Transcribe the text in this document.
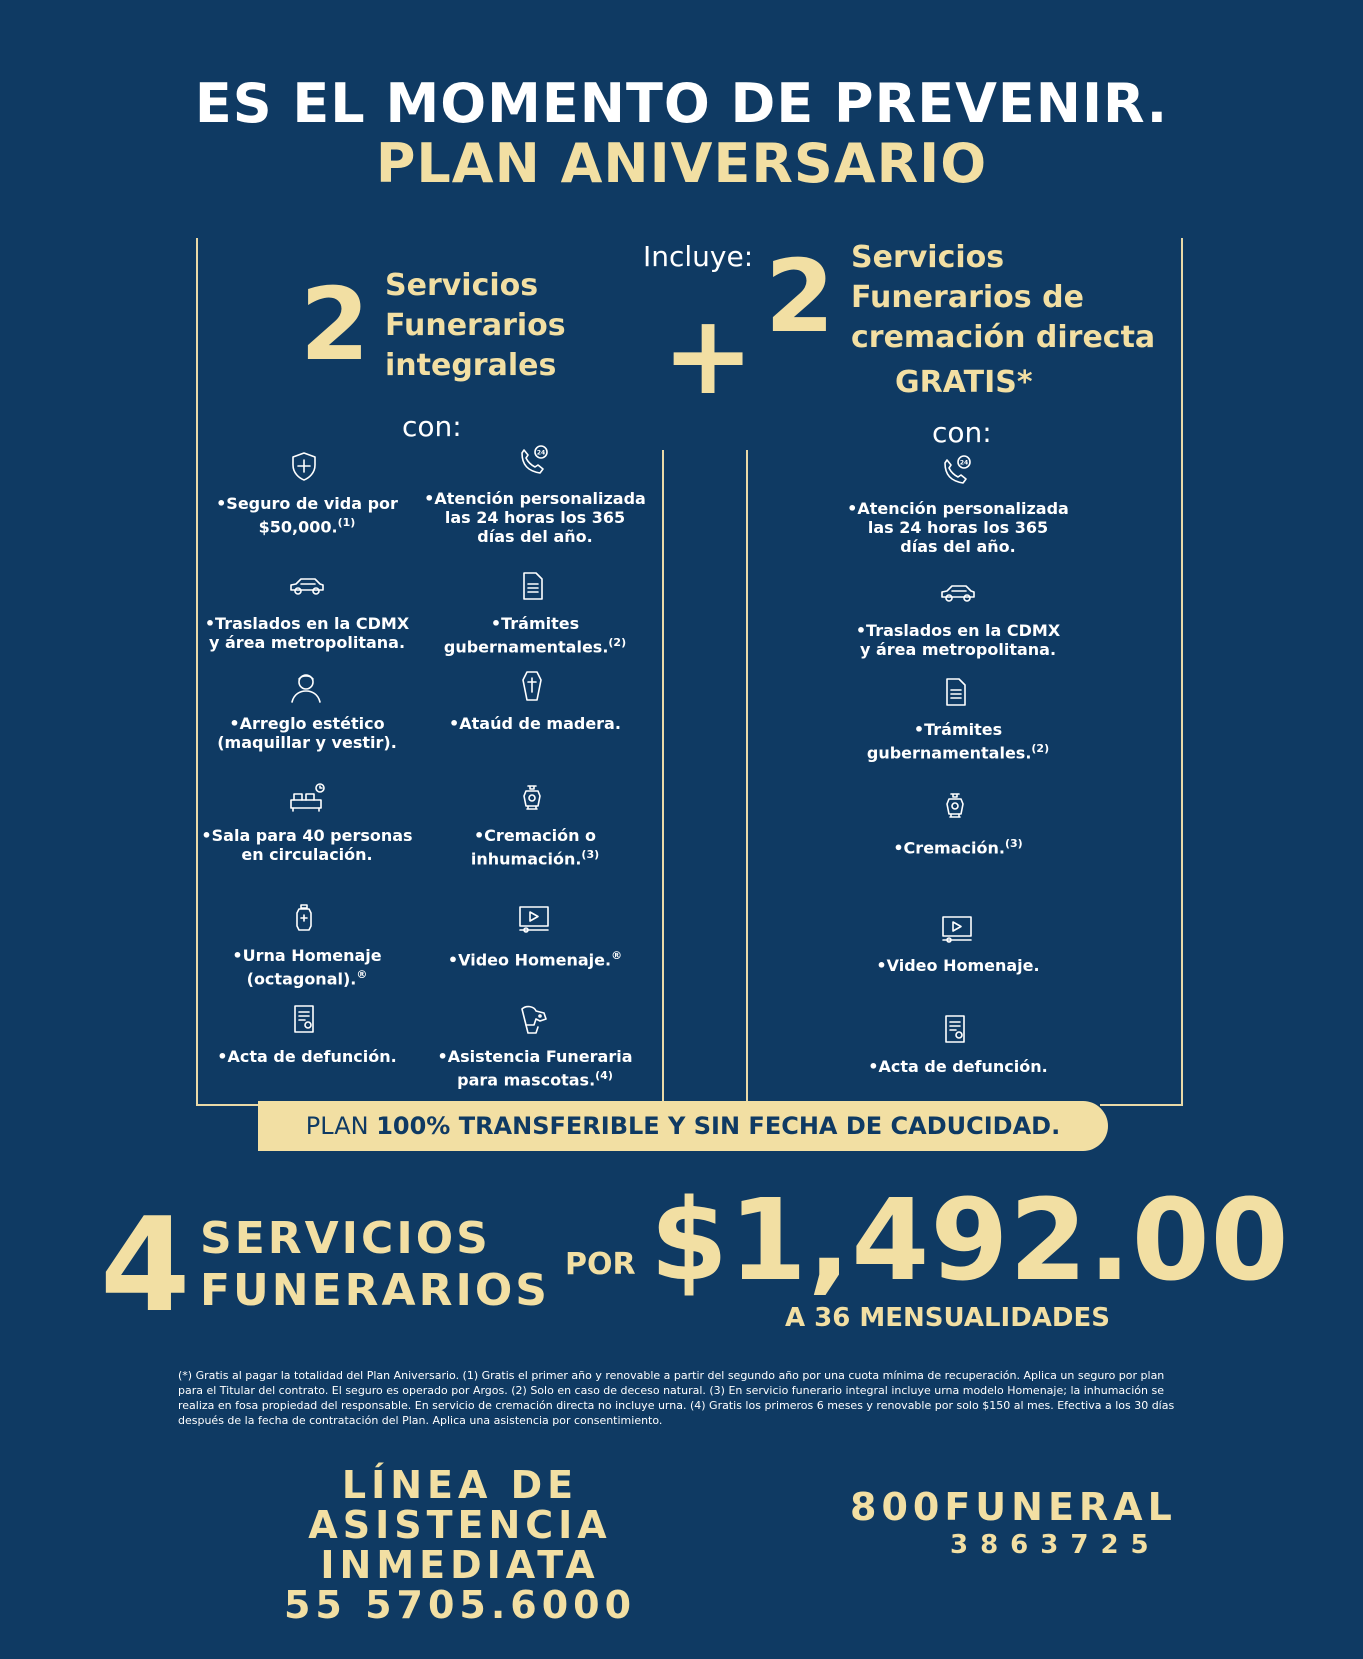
ES EL MOMENTO DE PREVENIR.
PLAN ANIVERSARIO
2 Servicios
Funerarios
integrales
con:
Incluye:
+ 2 Servicios
Funerarios de
cremación directa
GRATIS*
con:
•Seguro de vida por
$50,000.$^{(1)}$
24
•Atención personalizada
las 24 horas los 365
días del año.
•Traslados en la CDMX
y área metropolitana.
•Trámites
gubernamentales.$^{(2)}$
•Arreglo estético
(maquillar y vestir).
•Ataúd de madera.
•Sala para 40 personas
en circulación.
•Cremación o
inhumación.$^{(3)}$
•Urna Homenaje
(octagonal).®
•Video Homenaje.®
•Acta de defunción.	•Asistencia Funeraria
para mascotas.$^{(4)}$
24
•Atención personalizada
las 24 horas los 365
días del año.
•Traslados en la CDMX
y área metropolitana.
•Trámites
gubernamentales.$^{(2)}$
•Cremación.$^{(3)}$
•Video Homenaje.
•Acta de defunción.
PLAN 100% TRANSFERIBLE Y SIN FECHA DE CADUCIDAD.
4 SERVICIOS
FUNERARIOS
POR $1,492.00
A 36 MENSUALIDADES
(*) Gratis al pagar la totalidad del Plan Aniversario. (1) Gratis el primer año y renovable a partir del segundo año por una cuota mínima de recuperación. Aplica un seguro por plan para el Titular del contrato. El seguro es operado por Argos. (2) Solo en caso de deceso natural. (3) En servicio funerario integral incluye urna modelo Homenaje; la inhumación se realiza en fosa propiedad del responsable. En servicio de cremación directa no incluye urna. (4) Gratis los primeros 6 meses y renovable por solo $150 al mes. Efectiva a los 30 días después de la fecha de contratación del Plan. Aplica una asistencia por consentimiento.
LÍNEA DE
ASISTENCIA INMEDIATA
55 5705.6000
800FUNERAL
3863725
